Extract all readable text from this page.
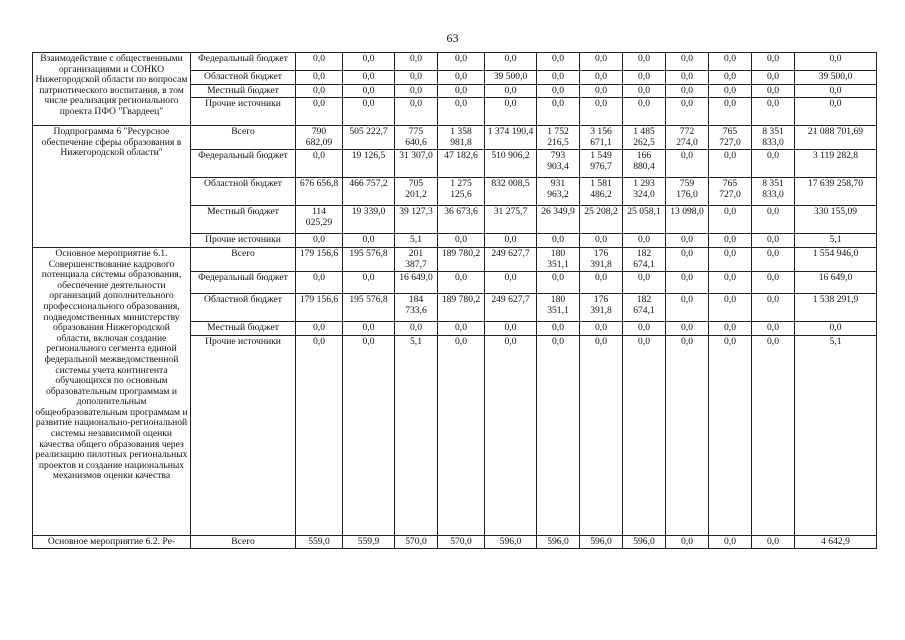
63
Взаимодействие с общественными организациями и СОНКО Нижегородской области по вопросам патриотического воспитания, в том числе реализация регионального проекта ПФО "Гвардеец"	Федеральный бюджет	0,0	0,0	0,0	0,0	0,0	0,0	0,0	0,0	0,0	0,0	0,0	0,0
	Областной бюджет	0,0	0,0	0,0	0,0	39 500,0	0,0	0,0	0,0	0,0	0,0	0,0	39 500,0
	Местный бюджет	0,0	0,0	0,0	0,0	0,0	0,0	0,0	0,0	0,0	0,0	0,0	0,0
	Прочие источники	0,0	0,0	0,0	0,0	0,0	0,0	0,0	0,0	0,0	0,0	0,0	0,0
Подпрограмма 6 "Ресурсное обеспечение сферы образования в Нижегородской области"	Всего	790 682,09	505 222,7	775 640,6	1 358 981,8	1 374 190,4	1 752 216,5	3 156 671,1	1 485 262,5	772 274,0	765 727,0	8 351 833,0	21 088 701,69
	Федеральный бюджет	0,0	19 126,5	31 307,0	47 182,6	510 906,2	793 903,4	1 549 976,7	166 880,4	0,0	0,0	0,0	3 119 282,8
	Областной бюджет	676 656,8	466 757,2	705 201,2	1 275 125,6	832 008,5	931 963,2	1 581 486,2	1 293 324,0	759 176,0	765 727,0	8 351 833,0	17 639 258,70
	Местный бюджет	114 025,29	19 339,0	39 127,3	36 673,6	31 275,7	26 349,9	25 208,2	25 058,1	13 098,0	0,0	0,0	330 155,09
	Прочие источники	0,0	0,0	5,1	0,0	0,0	0,0	0,0	0,0	0,0	0,0	0,0	5,1
Основное мероприятие 6.1. Совершенствование кадрового потенциала системы образования, обеспечение деятельности организаций дополнительного профессионального образования, подведомственных министерству образования Нижегородской области, включая создание регионального сегмента единой федеральной межведомственной системы учета контингента обучающихся по основным образовательным программам и дополнительным общеобразовательным программам и развитие национально-региональной системы независимой оценки качества общего образования через реализацию пилотных региональных проектов и создание национальных механизмов оценки качества	Всего	179 156,6	195 576,8	201 387,7	189 780,2	249 627,7	180 351,1	176 391,8	182 674,1	0,0	0,0	0,0	1 554 946,0
	Федеральный бюджет	0,0	0,0	16 649,0	0,0	0,0	0,0	0,0	0,0	0,0	0,0	0,0	16 649,0
	Областной бюджет	179 156,6	195 576,8	184 733,6	189 780,2	249 627,7	180 351,1	176 391,8	182 674,1	0,0	0,0	0,0	1 538 291,9
	Местный бюджет	0,0	0,0	0,0	0,0	0,0	0,0	0,0	0,0	0,0	0,0	0,0	0,0
	Прочие источники	0,0	0,0	5,1	0,0	0,0	0,0	0,0	0,0	0,0	0,0	0,0	5,1
Основное мероприятие 6.2. Ре-	Всего	559,0	559,9	570,0	570,0	596,0	596,0	596,0	596,0	0,0	0,0	0,0	4 642,9
